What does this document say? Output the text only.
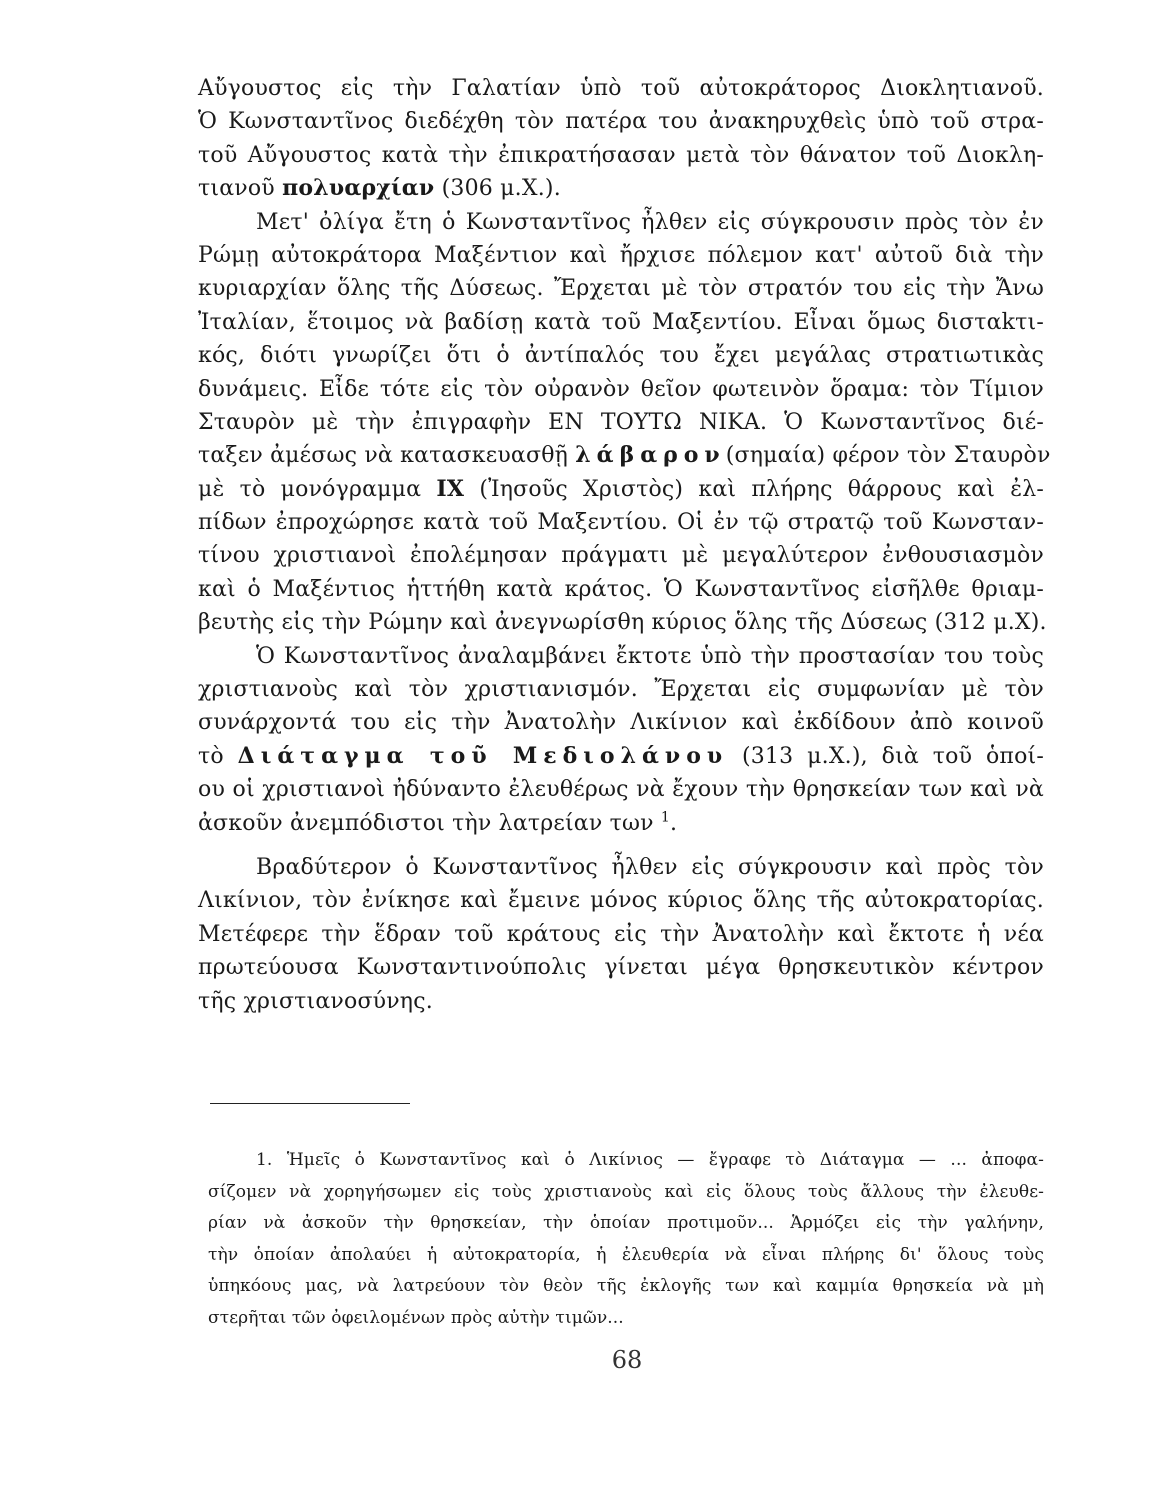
Αὔγουστος εἰς τὴν Γαλατίαν ὑπὸ τοῦ αὐτοκράτορος Διοκλητιανοῦ.
Ὁ Κωνσταντῖνος διεδέχθη τὸν πατέρα του ἀνακηρυχθεὶς ὑπὸ τοῦ στρα-
τοῦ Αὔγουστος κατὰ τὴν ἐπικρατήσασαν μετὰ τὸν θάνατον τοῦ Διοκλη-
τιανοῦ πολυαρχίαν (306 μ.Χ.).
Μετ' ὀλίγα ἔτη ὁ Κωνσταντῖνος ἦλθεν εἰς σύγκρουσιν πρὸς τὸν ἐν
Ρώμῃ αὐτοκράτορα Μαξέντιον καὶ ἤρχισε πόλεμον κατ' αὐτοῦ διὰ τὴν
κυριαρχίαν ὅλης τῆς Δύσεως. Ἔρχεται μὲ τὸν στρατόν του εἰς τὴν Ἄνω
Ἰταλίαν, ἕτοιμος νὰ βαδίσῃ κατὰ τοῦ Μαξεντίου. Εἶναι ὅμως δισταkτι-
κός, διότι γνωρίζει ὅτι ὁ ἀντίπαλός του ἔχει μεγάλας στρατιωτικὰς
δυνάμεις. Εἶδε τότε εἰς τὸν οὐρανὸν θεῖον φωτεινὸν ὅραμα: τὸν Τίμιον
Σταυρὸν μὲ τὴν ἐπιγραφὴν ΕΝ ΤΟΥΤΩ ΝΙΚΑ. Ὁ Κωνσταντῖνος διέ-
ταξεν ἀμέσως νὰ κατασκευασθῇ λάβαρον(σημαία) φέρον τὸν Σταυρὸν
μὲ τὸ μονόγραμμα ΙΧ (Ἰησοῦς Χριστὸς) καὶ πλήρης θάρρους καὶ ἐλ-
πίδων ἐπροχώρησε κατὰ τοῦ Μαξεντίου. Οἱ ἐν τῷ στρατῷ τοῦ Κωνσταν-
τίνου χριστιανοὶ ἐπολέμησαν πράγματι μὲ μεγαλύτερον ἐνθουσιασμὸν
καὶ ὁ Μαξέντιος ἡττήθη κατὰ κράτος. Ὁ Κωνσταντῖνος εἰσῆλθε θριαμ-
βευτὴς εἰς τὴν Ρώμην καὶ ἀνεγνωρίσθη κύριος ὅλης τῆς Δύσεως (312 μ.Χ).
Ὁ Κωνσταντῖνος ἀναλαμβάνει ἔκτοτε ὑπὸ τὴν προστασίαν του τοὺς
χριστιανοὺς καὶ τὸν χριστιανισμόν. Ἔρχεται εἰς συμφωνίαν μὲ τὸν
συνάρχοντά του εἰς τὴν Ἀνατολὴν Λικίνιον καὶ ἐκδίδουν ἀπὸ κοινοῦ
τὸ Διάταγμα τοῦ Μεδιολάνου (313 μ.Χ.), διὰ τοῦ ὁποί-
ου οἱ χριστιανοὶ ἠδύναντο ἐλευθέρως νὰ ἔχουν τὴν θρησκείαν των καὶ νὰ
ἀσκοῦν ἀνεμπόδιστοι τὴν λατρείαν των $^1$.
Βραδύτερον ὁ Κωνσταντῖνος ἦλθεν εἰς σύγκρουσιν καὶ πρὸς τὸν
Λικίνιον, τὸν ἐνίκησε καὶ ἔμεινε μόνος κύριος ὅλης τῆς αὐτοκρατορίας.
Μετέφερε τὴν ἕδραν τοῦ κράτους εἰς τὴν Ἀνατολὴν καὶ ἔκτοτε ἡ νέα
πρωτεύουσα Κωνσταντινούπολις γίνεται μέγα θρησκευτικὸν κέντρον
τῆς χριστιανοσύνης.
1. Ἡμεῖς ὁ Κωνσταντῖνος καὶ ὁ Λικίνιος — ἔγραφε τὸ Διάταγμα — ... ἀποφα-
σίζομεν νὰ χορηγήσωμεν εἰς τοὺς χριστιανοὺς καὶ εἰς ὅλους τοὺς ἄλλους τὴν ἐλευθε-
ρίαν νὰ ἀσκοῦν τὴν θρησκείαν, τὴν ὁποίαν προτιμοῦν... Ἁρμόζει εἰς τὴν γαλήνην,
τὴν ὁποίαν ἀπολαύει ἡ αὐτοκρατορία, ἡ ἐλευθερία νὰ εἶναι πλήρης δι' ὅλους τοὺς
ὑπηκόους μας, νὰ λατρεύουν τὸν θεὸν τῆς ἐκλογῆς των καὶ καμμία θρησκεία νὰ μὴ
στερῆται τῶν ὀφειλομένων πρὸς αὐτὴν τιμῶν...
68
